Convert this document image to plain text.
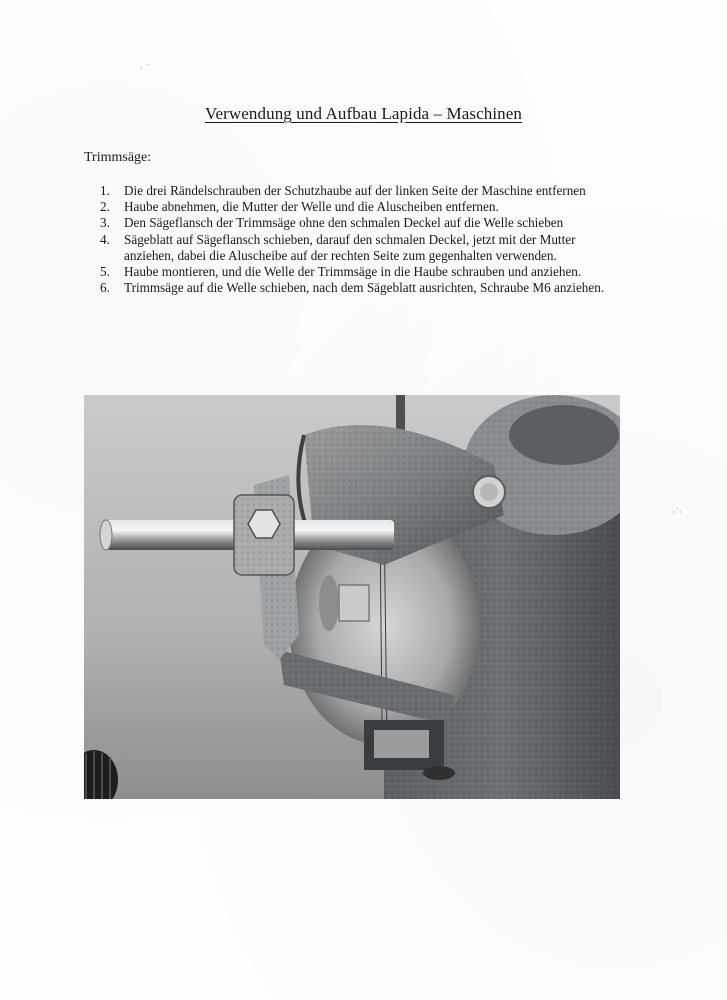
· ˙
·˙·
Verwendung und Aufbau Lapida – Maschinen
Trimmsäge:
1. Die drei Rändelschrauben der Schutzhaube auf der linken Seite der Maschine entfernen
2. Haube abnehmen, die Mutter der Welle und die Aluscheiben entfernen.
3. Den Sägeflansch der Trimmsäge ohne den schmalen Deckel auf die Welle schieben
4. Sägeblatt auf Sägeflansch schieben, darauf den schmalen Deckel, jetzt mit der Mutter anziehen, dabei die Aluscheibe auf der rechten Seite zum gegenhalten verwenden.
5. Haube montieren, und die Welle der Trimmsäge in die Haube schrauben und anziehen.
6. Trimmsäge auf die Welle schieben, nach dem Sägeblatt ausrichten, Schraube M6 anziehen.
